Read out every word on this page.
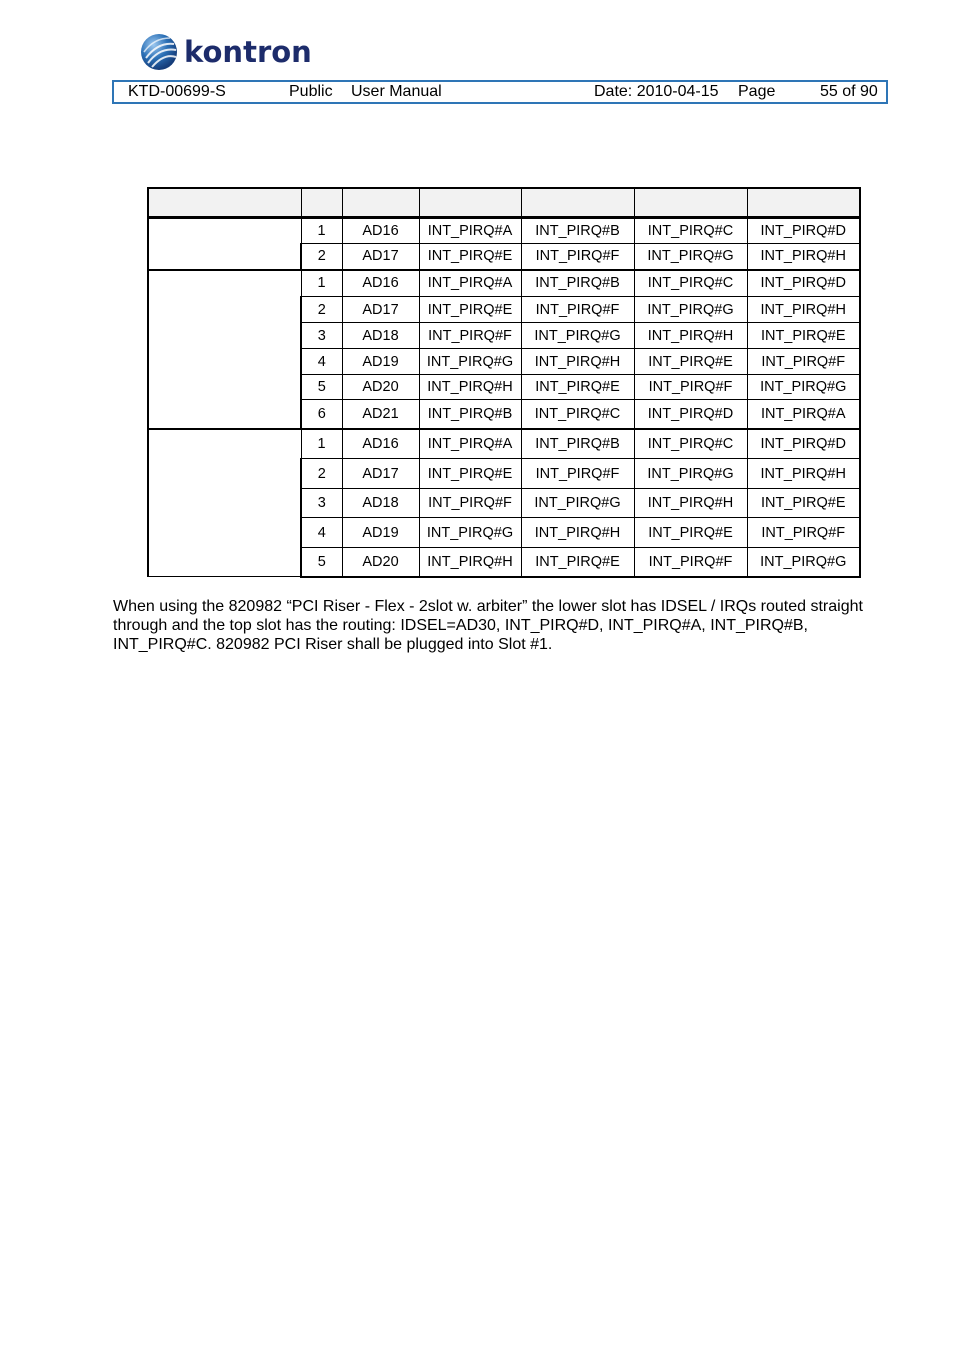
kontron
KTD-00699-S	Public User Manual	Date: 2010-04-15 Page	55 of 90

	1	AD16	INT_PIRQ#A	INT_PIRQ#B	INT_PIRQ#C	INT_PIRQ#D
	2	AD17	INT_PIRQ#E	INT_PIRQ#F	INT_PIRQ#G	INT_PIRQ#H
	1	AD16	INT_PIRQ#A	INT_PIRQ#B	INT_PIRQ#C	INT_PIRQ#D
	2	AD17	INT_PIRQ#E	INT_PIRQ#F	INT_PIRQ#G	INT_PIRQ#H
	3	AD18	INT_PIRQ#F	INT_PIRQ#G	INT_PIRQ#H	INT_PIRQ#E
	4	AD19	INT_PIRQ#G	INT_PIRQ#H	INT_PIRQ#E	INT_PIRQ#F
	5	AD20	INT_PIRQ#H	INT_PIRQ#E	INT_PIRQ#F	INT_PIRQ#G
	6	AD21	INT_PIRQ#B	INT_PIRQ#C	INT_PIRQ#D	INT_PIRQ#A
	1	AD16	INT_PIRQ#A	INT_PIRQ#B	INT_PIRQ#C	INT_PIRQ#D
	2	AD17	INT_PIRQ#E	INT_PIRQ#F	INT_PIRQ#G	INT_PIRQ#H
	3	AD18	INT_PIRQ#F	INT_PIRQ#G	INT_PIRQ#H	INT_PIRQ#E
	4	AD19	INT_PIRQ#G	INT_PIRQ#H	INT_PIRQ#E	INT_PIRQ#F
	5	AD20	INT_PIRQ#H	INT_PIRQ#E	INT_PIRQ#F	INT_PIRQ#G
When using the 820982 “PCI Riser - Flex - 2slot w. arbiter” the lower slot has IDSEL / IRQs routed straight through and the top slot has the routing: IDSEL=AD30, INT_PIRQ#D, INT_PIRQ#A, INT_PIRQ#B, INT_PIRQ#C. 820982 PCI Riser shall be plugged into Slot #1.
